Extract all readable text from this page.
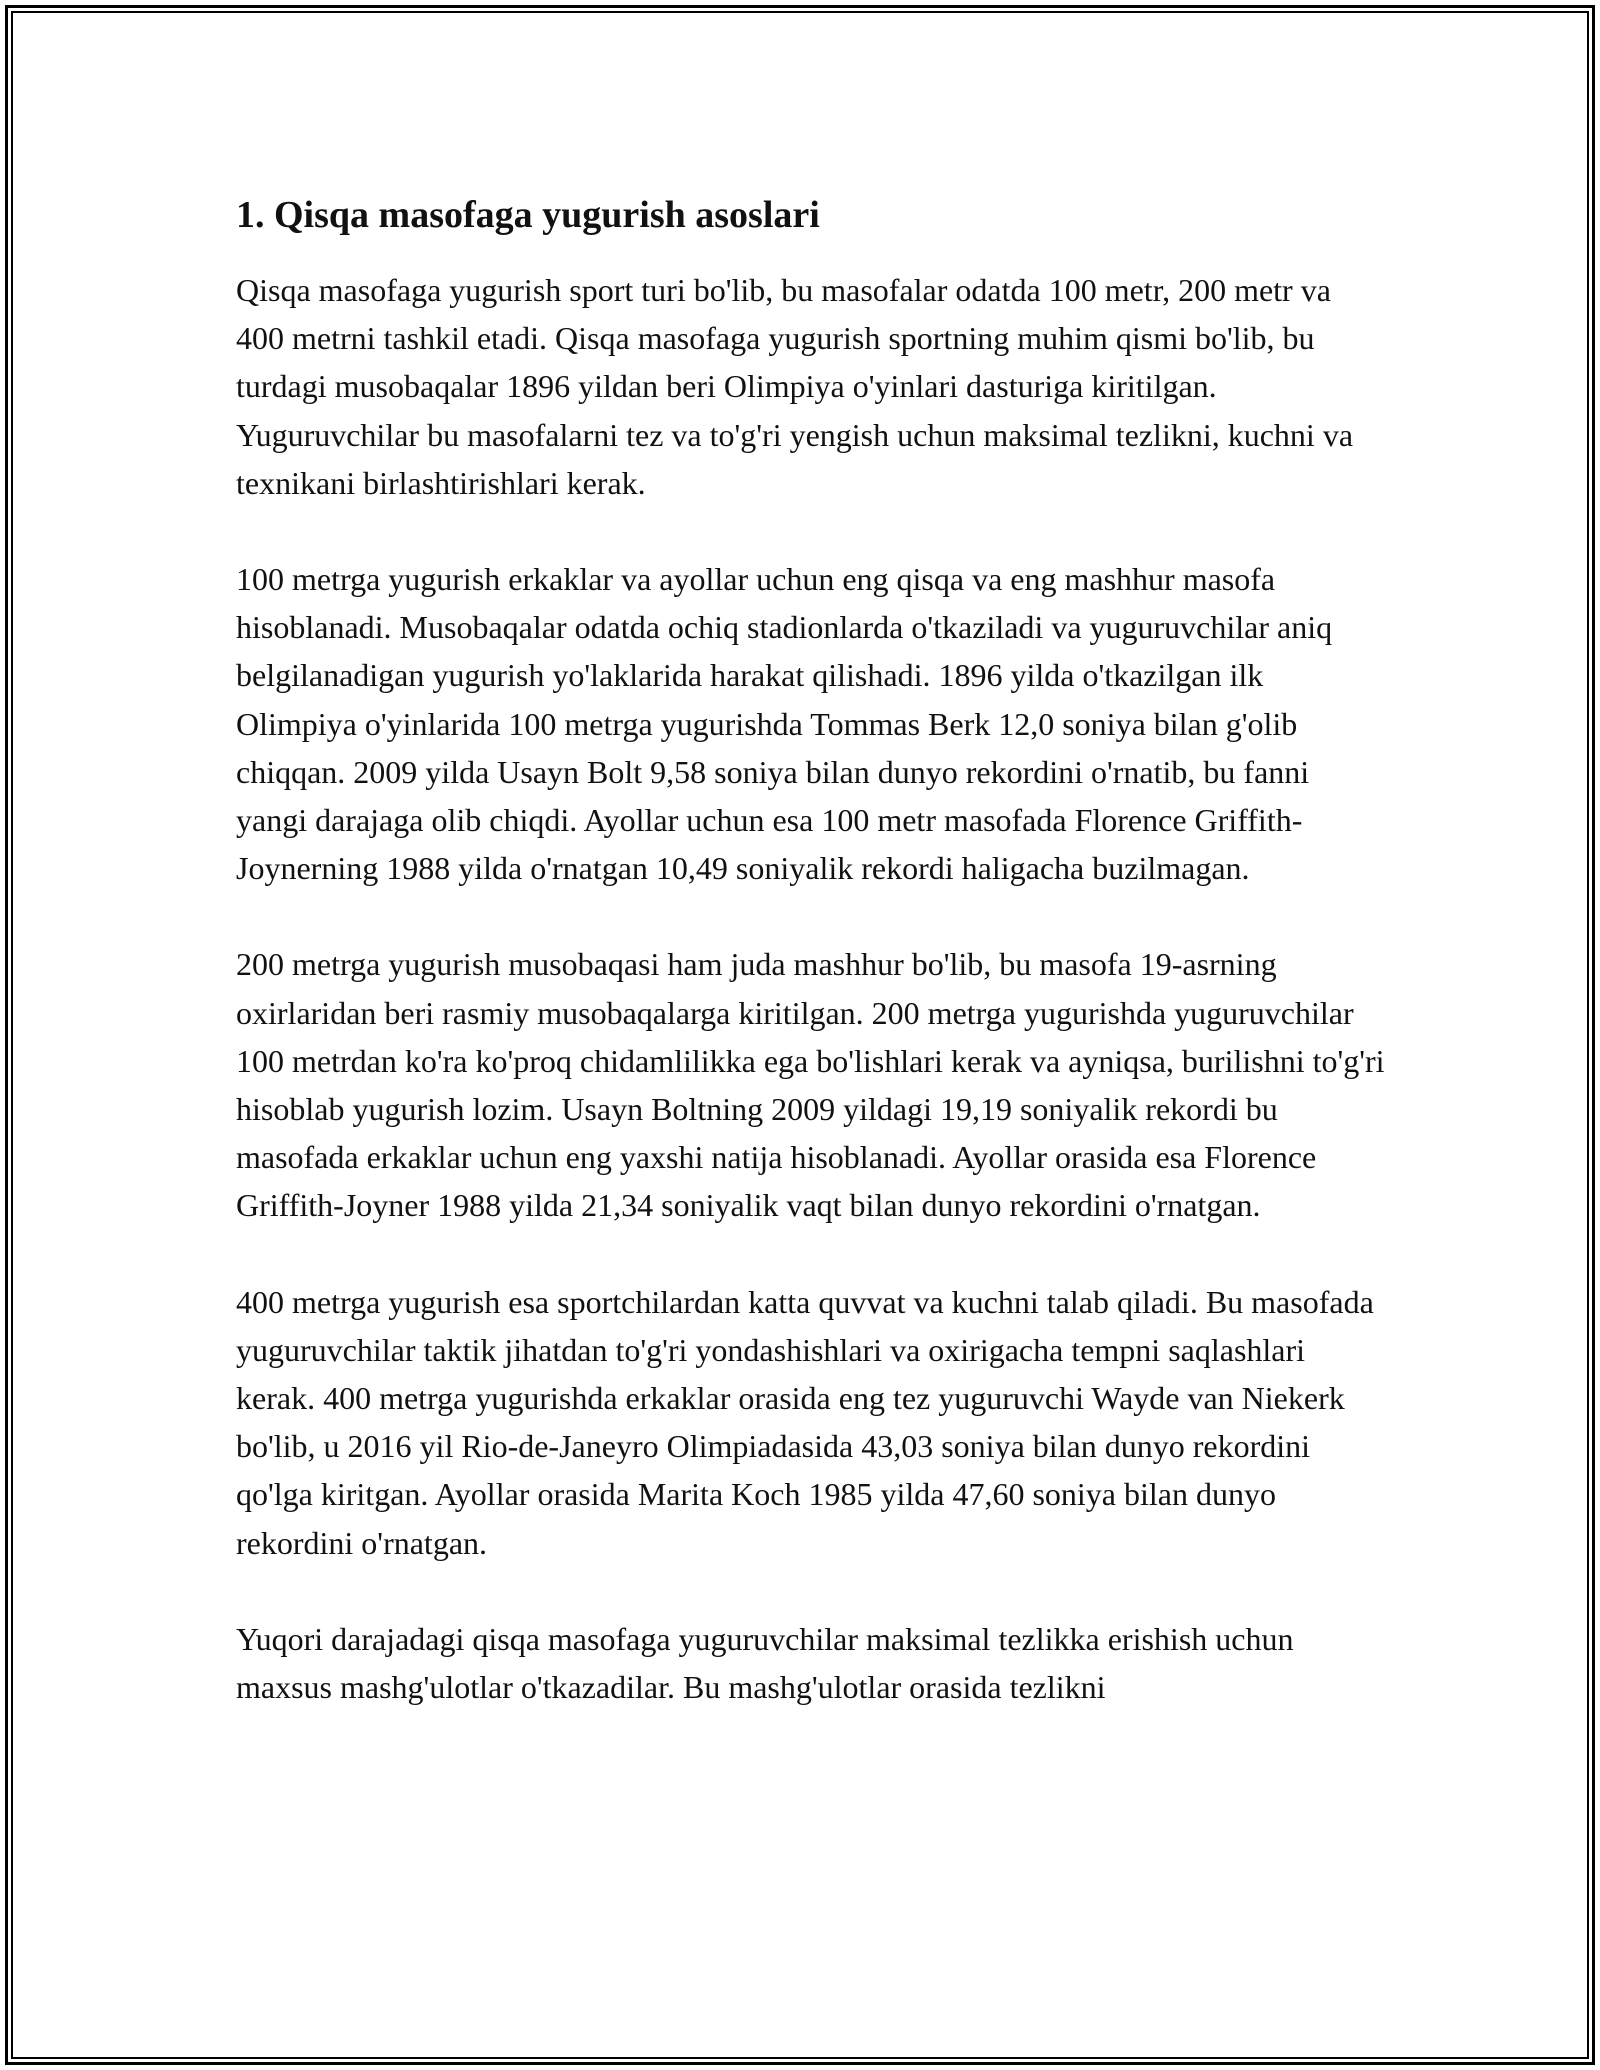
1. Qisqa masofaga yugurish asoslari

Qisqa masofaga yugurish sport turi bo'lib, bu masofalar odatda 100 metr, 200 metr va 400 metrni tashkil etadi. Qisqa masofaga yugurish sportning muhim qismi bo'lib, bu turdagi musobaqalar 1896 yildan beri Olimpiya o'yinlari dasturiga kiritilgan. Yuguruvchilar bu masofalarni tez va to'g'ri yengish uchun maksimal tezlikni, kuchni va texnikani birlashtirishlari kerak.

100 metrga yugurish erkaklar va ayollar uchun eng qisqa va eng mashhur masofa hisoblanadi. Musobaqalar odatda ochiq stadionlarda o'tkaziladi va yuguruvchilar aniq belgilanadigan yugurish yo'laklarida harakat qilishadi. 1896 yilda o'tkazilgan ilk Olimpiya o'yinlarida 100 metrga yugurishda Tommas Berk 12,0 soniya bilan g'olib chiqqan. 2009 yilda Usayn Bolt 9,58 soniya bilan dunyo rekordini o'rnatib, bu fanni yangi darajaga olib chiqdi. Ayollar uchun esa 100 metr masofada Florence Griffith-Joynerning 1988 yilda o'rnatgan 10,49 soniyalik rekordi haligacha buzilmagan.

200 metrga yugurish musobaqasi ham juda mashhur bo'lib, bu masofa 19-asrning oxirlaridan beri rasmiy musobaqalarga kiritilgan. 200 metrga yugurishda yuguruvchilar 100 metrdan ko'ra ko'proq chidamlilikka ega bo'lishlari kerak va ayniqsa, burilishni to'g'ri hisoblab yugurish lozim. Usayn Boltning 2009 yildagi 19,19 soniyalik rekordi bu masofada erkaklar uchun eng yaxshi natija hisoblanadi. Ayollar orasida esa Florence Griffith-Joyner 1988 yilda 21,34 soniyalik vaqt bilan dunyo rekordini o'rnatgan.

400 metrga yugurish esa sportchilardan katta quvvat va kuchni talab qiladi. Bu masofada yuguruvchilar taktik jihatdan to'g'ri yondashishlari va oxirigacha tempni saqlashlari kerak. 400 metrga yugurishda erkaklar orasida eng tez yuguruvchi Wayde van Niekerk bo'lib, u 2016 yil Rio-de-Janeyro Olimpiadasida 43,03 soniya bilan dunyo rekordini qo'lga kiritgan. Ayollar orasida Marita Koch 1985 yilda 47,60 soniya bilan dunyo rekordini o'rnatgan.

Yuqori darajadagi qisqa masofaga yuguruvchilar maksimal tezlikka erishish uchun maxsus mashg'ulotlar o'tkazadilar. Bu mashg'ulotlar orasida tezlikni
